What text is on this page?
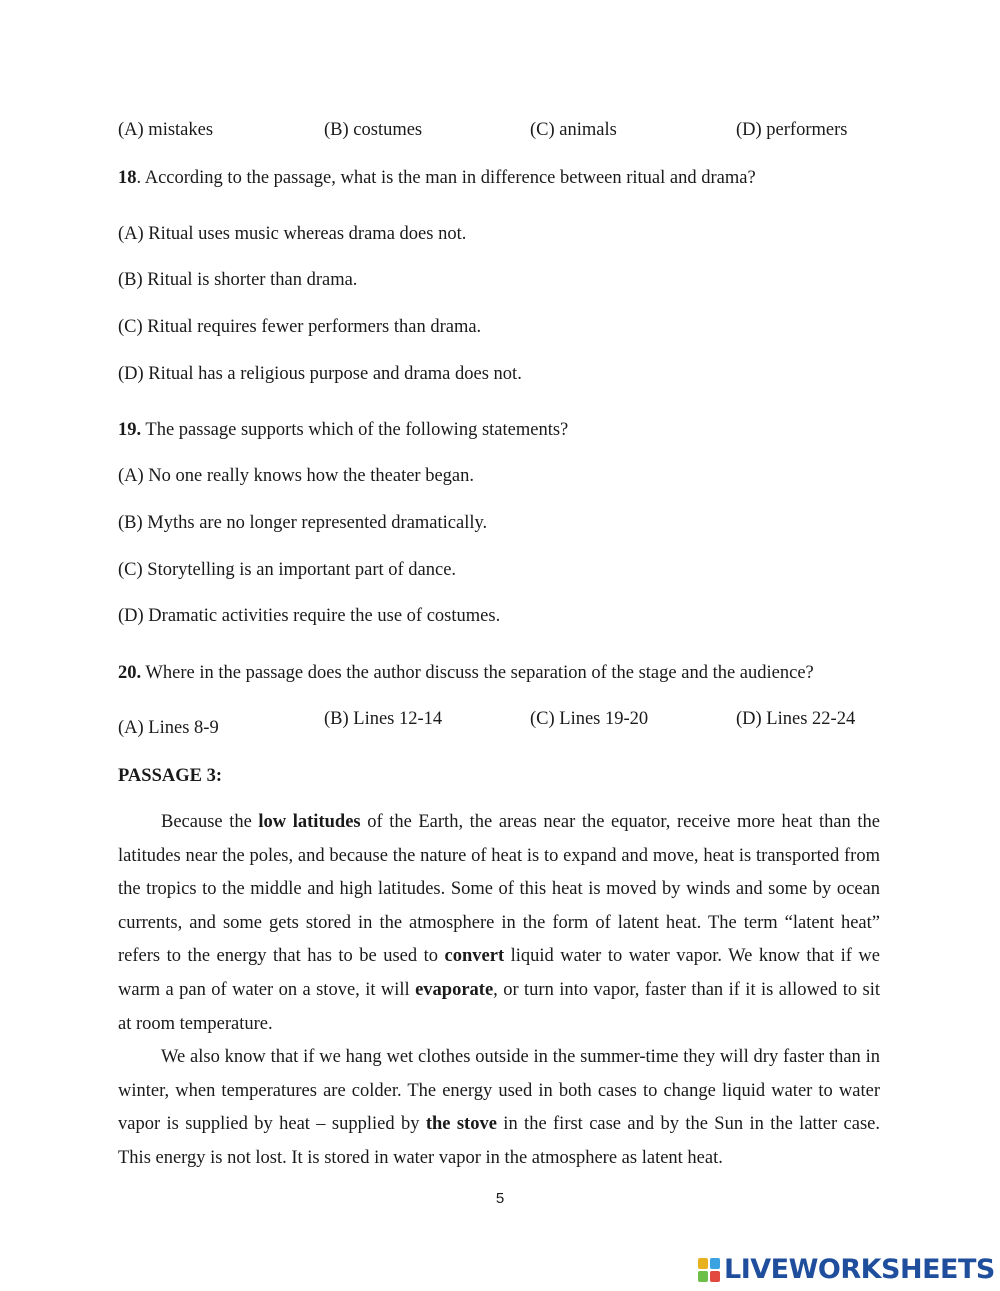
(A) mistakes	(B) costumes	(C) animals	(D) performers
18. According to the passage, what is the man in difference between ritual and drama?
(A) Ritual uses music whereas drama does not.
(B) Ritual is shorter than drama.
(C) Ritual requires fewer performers than drama.
(D) Ritual has a religious purpose and drama does not.
19. The passage supports which of the following statements?
(A) No one really knows how the theater began.
(B) Myths are no longer represented dramatically.
(C) Storytelling is an important part of dance.
(D) Dramatic activities require the use of costumes.
20. Where in the passage does the author discuss the separation of the stage and the audience?
(A) Lines 8-9	(B) Lines 12-14	(C) Lines 19-20	(D) Lines 22-24
PASSAGE 3:

Because the low latitudes of the Earth, the areas near the equator, receive more heat than the latitudes near the poles, and because the nature of heat is to expand and move, heat is transported from the tropics to the middle and high latitudes. Some of this heat is moved by winds and some by ocean currents, and some gets stored in the atmosphere in the form of latent heat. The term “latent heat” refers to the energy that has to be used to convert liquid water to water vapor. We know that if we warm a pan of water on a stove, it will evaporate, or turn into vapor, faster than if it is allowed to sit at room temperature.

We also know that if we hang wet clothes outside in the summer-time they will dry faster than in winter, when temperatures are colder. The energy used in both cases to change liquid water to water vapor is supplied by heat – supplied by the stove in the first case and by the Sun in the latter case. This energy is not lost. It is stored in water vapor in the atmosphere as latent heat.

5
LIVEWORKSHEETS
